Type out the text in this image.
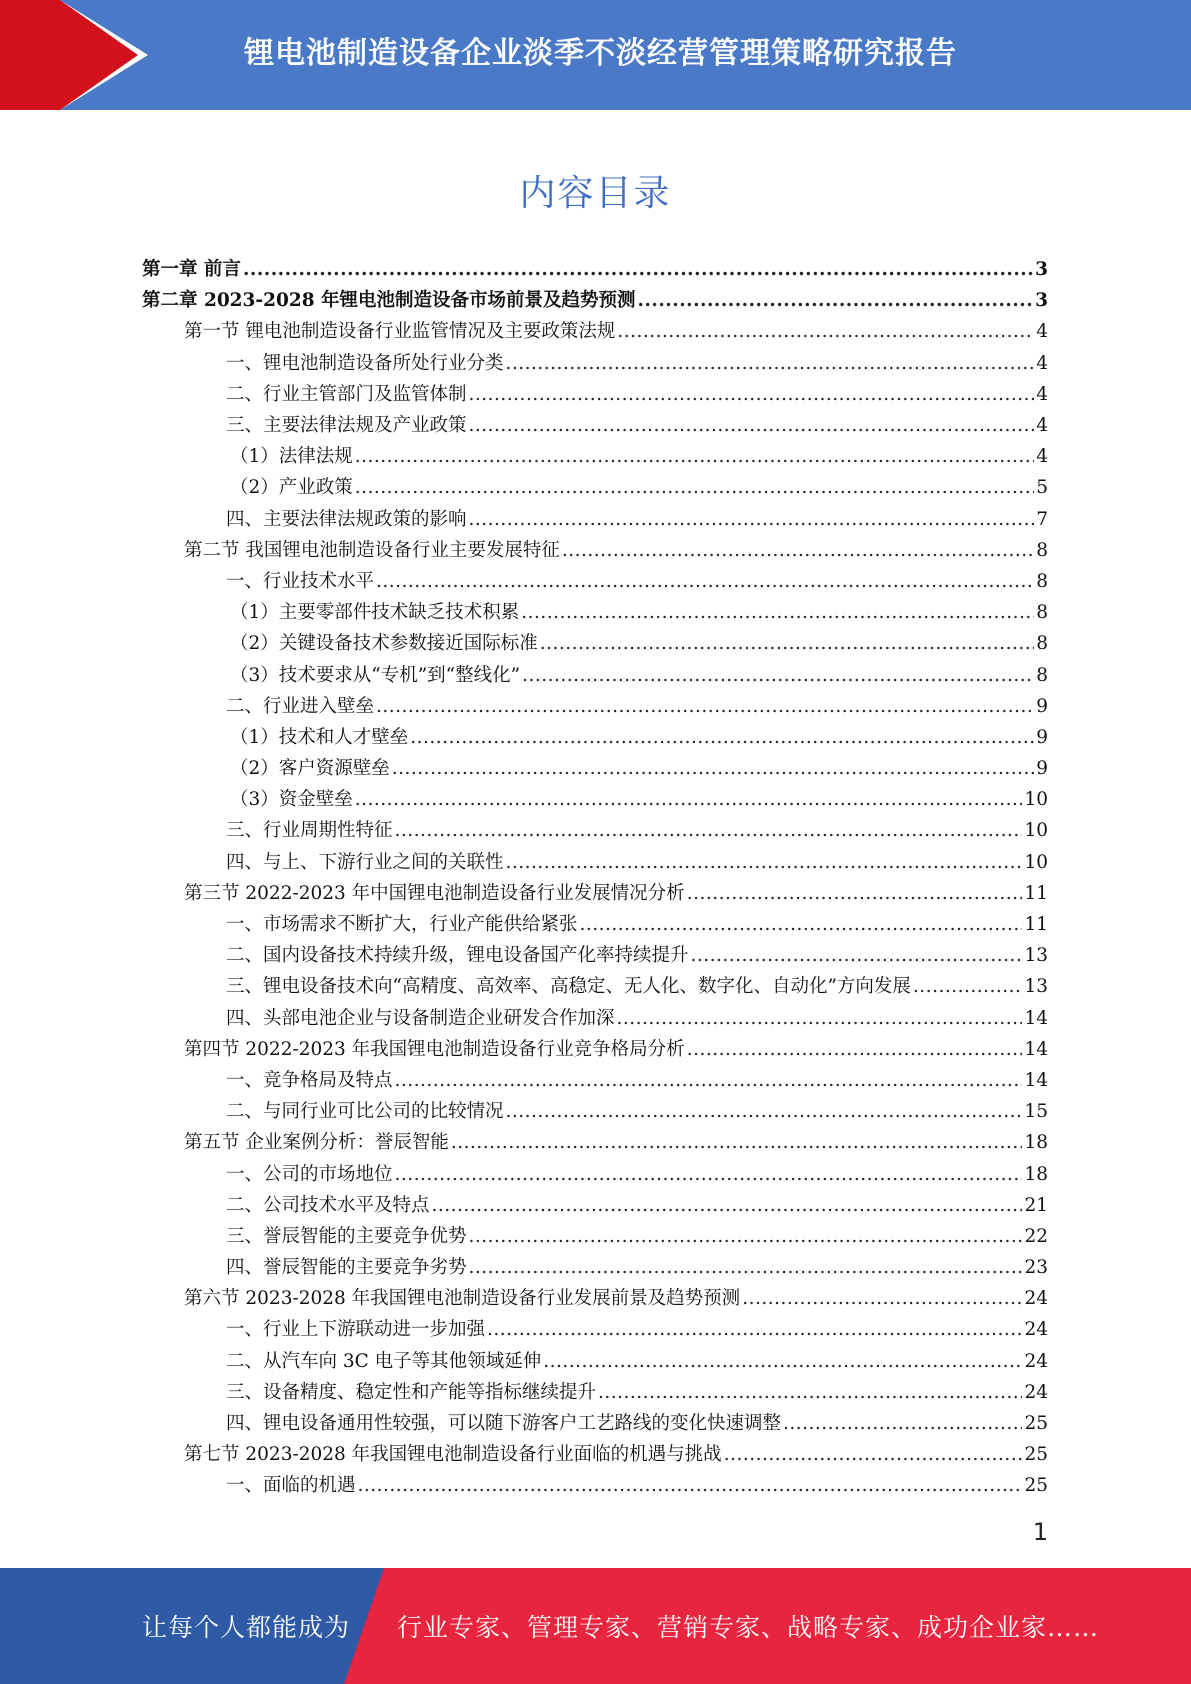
锂电池制造设备企业淡季不淡经营管理策略研究报告
内容目录
第一章 前言 .....	3
第二章 2023-2028 年锂电池制造设备市场前景及趋势预测 .....	3
第一节 锂电池制造设备行业监管情况及主要政策法规 .....	4
一、锂电池制造设备所处行业分类 .....	4
二、行业主管部门及监管体制 .....	4
三、主要法律法规及产业政策 .....	4
（1）法律法规 .....	4
（2）产业政策 .....	5
四、主要法律法规政策的影响 .....	7
第二节 我国锂电池制造设备行业主要发展特征 .....	8
一、行业技术水平 .....	8
（1）主要零部件技术缺乏技术积累 .....	8
（2）关键设备技术参数接近国际标准 .....	8
（3）技术要求从“专机”到“整线化” .....	8
二、行业进入壁垒 .....	9
（1）技术和人才壁垒 .....	9
（2）客户资源壁垒 .....	9
（3）资金壁垒 .....	10
三、行业周期性特征 .....	10
四、与上、下游行业之间的关联性 .....	10
第三节 2022-2023 年中国锂电池制造设备行业发展情况分析 .....	11
一、市场需求不断扩大，行业产能供给紧张 .....	11
二、国内设备技术持续升级，锂电设备国产化率持续提升 .....	13
三、锂电设备技术向“高精度、高效率、高稳定、无人化、数字化、自动化”方向发展 .....	13
四、头部电池企业与设备制造企业研发合作加深 .....	14
第四节 2022-2023 年我国锂电池制造设备行业竞争格局分析 .....	14
一、竞争格局及特点 .....	14
二、与同行业可比公司的比较情况 .....	15
第五节 企业案例分析：誉辰智能 .....	18
一、公司的市场地位 .....	18
二、公司技术水平及特点 .....	21
三、誉辰智能的主要竞争优势 .....	22
四、誉辰智能的主要竞争劣势 .....	23
第六节 2023-2028 年我国锂电池制造设备行业发展前景及趋势预测 .....	24
一、行业上下游联动进一步加强 .....	24
二、从汽车向 3C 电子等其他领域延伸 .....	24
三、设备精度、稳定性和产能等指标继续提升 .....	24
四、锂电设备通用性较强，可以随下游客户工艺路线的变化快速调整 .....	25
第七节 2023-2028 年我国锂电池制造设备行业面临的机遇与挑战 .....	25
一、面临的机遇 .....	25
1
让每个人都能成为 行业专家、管理专家、营销专家、战略专家、成功企业家……
